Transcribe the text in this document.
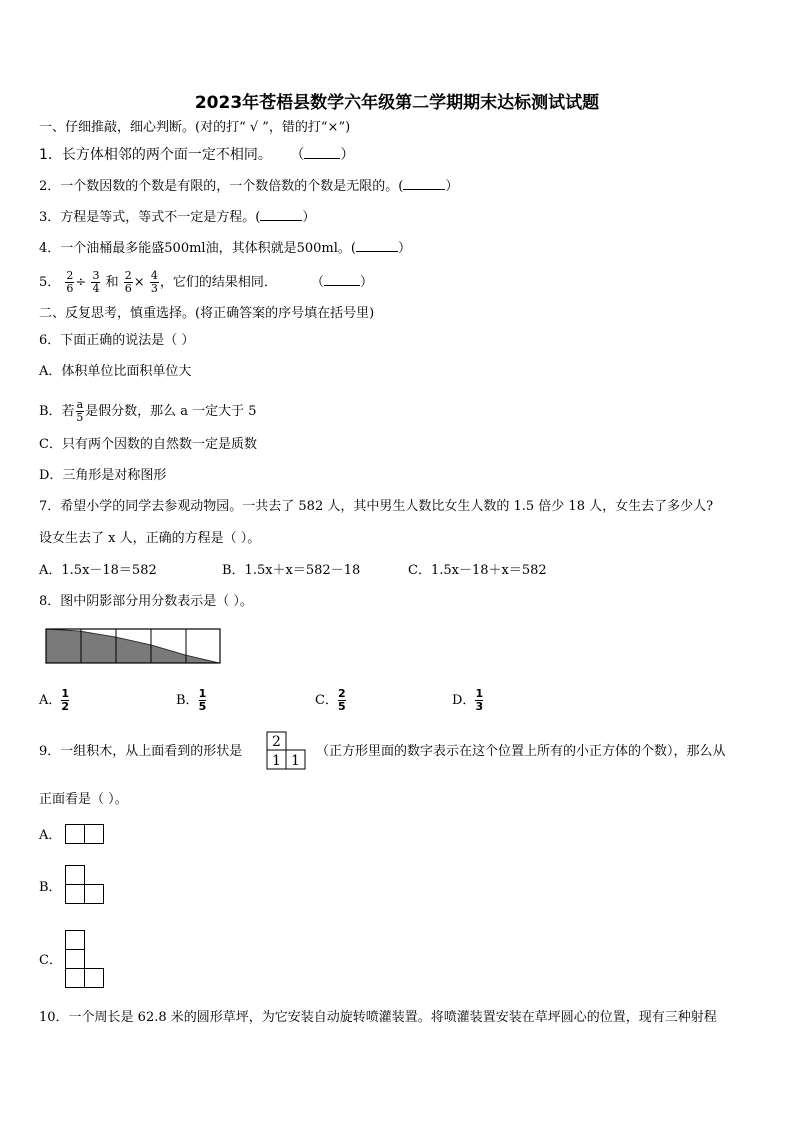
2023年苍梧县数学六年级第二学期期末达标测试试题
一、仔细推敲，细心判断。(对的打“ √ ”，错的打“×”)
1．长方体相邻的两个面一定不相同。 （	）
2．一个数因数的个数是有限的，一个数倍数的个数是无限的。(	）
3．方程是等式，等式不一定是方程。(	）
4．一个油桶最多能盛500ml油，其体积就是500ml。(	）
5． $\frac{2}{6} \div \frac{3}{4}$ 和 $\frac{2}{6} \times \frac{4}{3}$ ，它们的结果相同．	（	）
二、反复思考，慎重选择。(将正确答案的序号填在括号里)
6．下面正确的说法是（ ）
A．体积单位比面积单位大
B．若 $\frac{a}{5}$ 是假分数，那么 a 一定大于 5
C．只有两个因数的自然数一定是质数
D．三角形是对称图形
7．希望小学的同学去参观动物园。一共去了 582 人，其中男生人数比女生人数的 1.5 倍少 18 人，女生去了多少人?
设女生去了 x 人，正确的方程是（ ）。
A．1.5x－18＝582	B．1.5x＋x＝582－18	C．1.5x－18＋x＝582
8．图中阴影部分用分数表示是（ ）。
A． $\frac{1}{2}$	B． $\frac{1}{5}$	C． $\frac{2}{5}$	D． $\frac{1}{3}$
9．一组积木，从上面看到的形状是
2
1 1
（正方形里面的数字表示在这个位置上所有的小正方体的个数），那么从
正面看是（ ）。
A．
B．
C．
10．一个周长是 62.8 米的圆形草坪，为它安装自动旋转喷灌装置。将喷灌装置安装在草坪圆心的位置，现有三种射程
